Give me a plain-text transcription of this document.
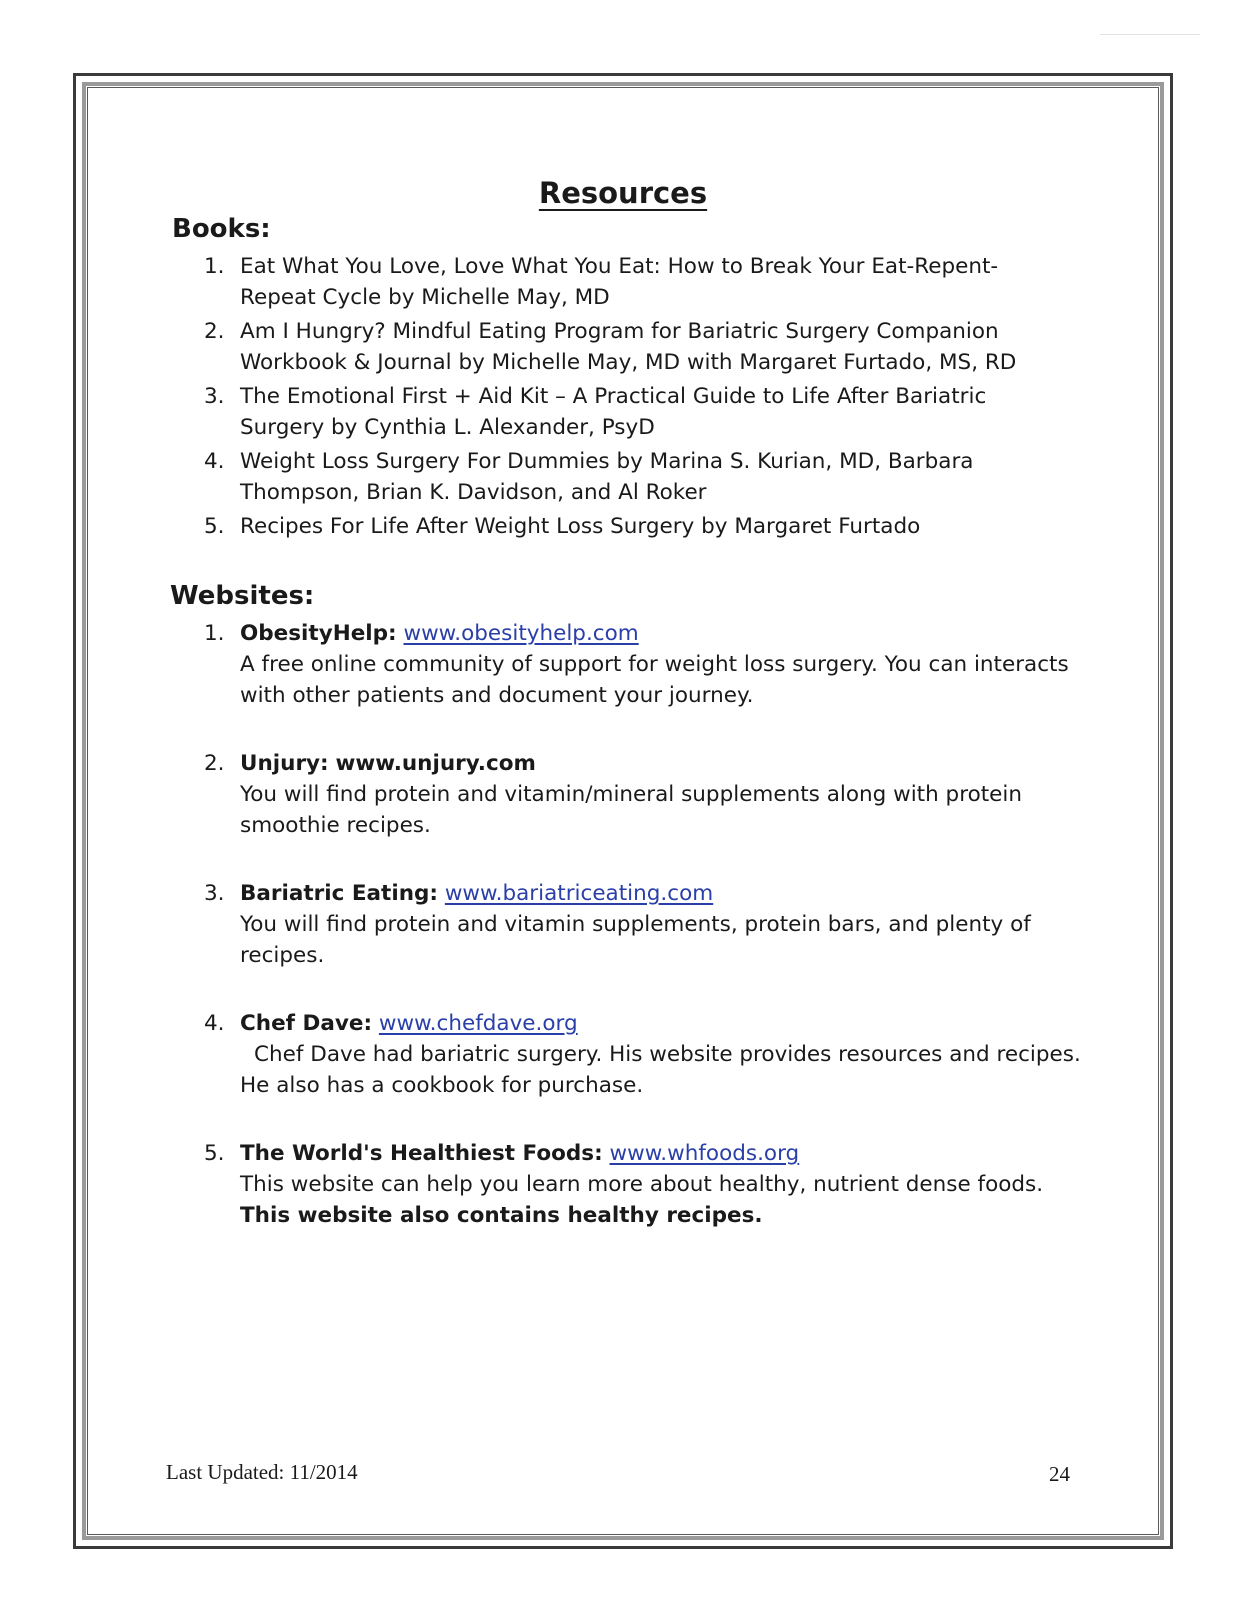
Resources
Books:
1. Eat What You Love, Love What You Eat: How to Break Your Eat-Repent-Repeat Cycle by Michelle May, MD
2. Am I Hungry? Mindful Eating Program for Bariatric Surgery Companion Workbook & Journal by Michelle May, MD with Margaret Furtado, MS, RD
3. The Emotional First + Aid Kit – A Practical Guide to Life After Bariatric Surgery by Cynthia L. Alexander, PsyD
4. Weight Loss Surgery For Dummies by Marina S. Kurian, MD, Barbara Thompson, Brian K. Davidson, and Al Roker
5. Recipes For Life After Weight Loss Surgery by Margaret Furtado
Websites:
1. ObesityHelp: www.obesityhelp.com
A free online community of support for weight loss surgery. You can interacts with other patients and document your journey.
2. Unjury: www.unjury.com
You will find protein and vitamin/mineral supplements along with protein smoothie recipes.
3. Bariatric Eating: www.bariatriceating.com
You will find protein and vitamin supplements, protein bars, and plenty of recipes.
4. Chef Dave: www.chefdave.org
Chef Dave had bariatric surgery. His website provides resources and recipes. He also has a cookbook for purchase.
5. The World's Healthiest Foods: www.whfoods.org
This website can help you learn more about healthy, nutrient dense foods.
This website also contains healthy recipes.
Last Updated: 11/2014	24
